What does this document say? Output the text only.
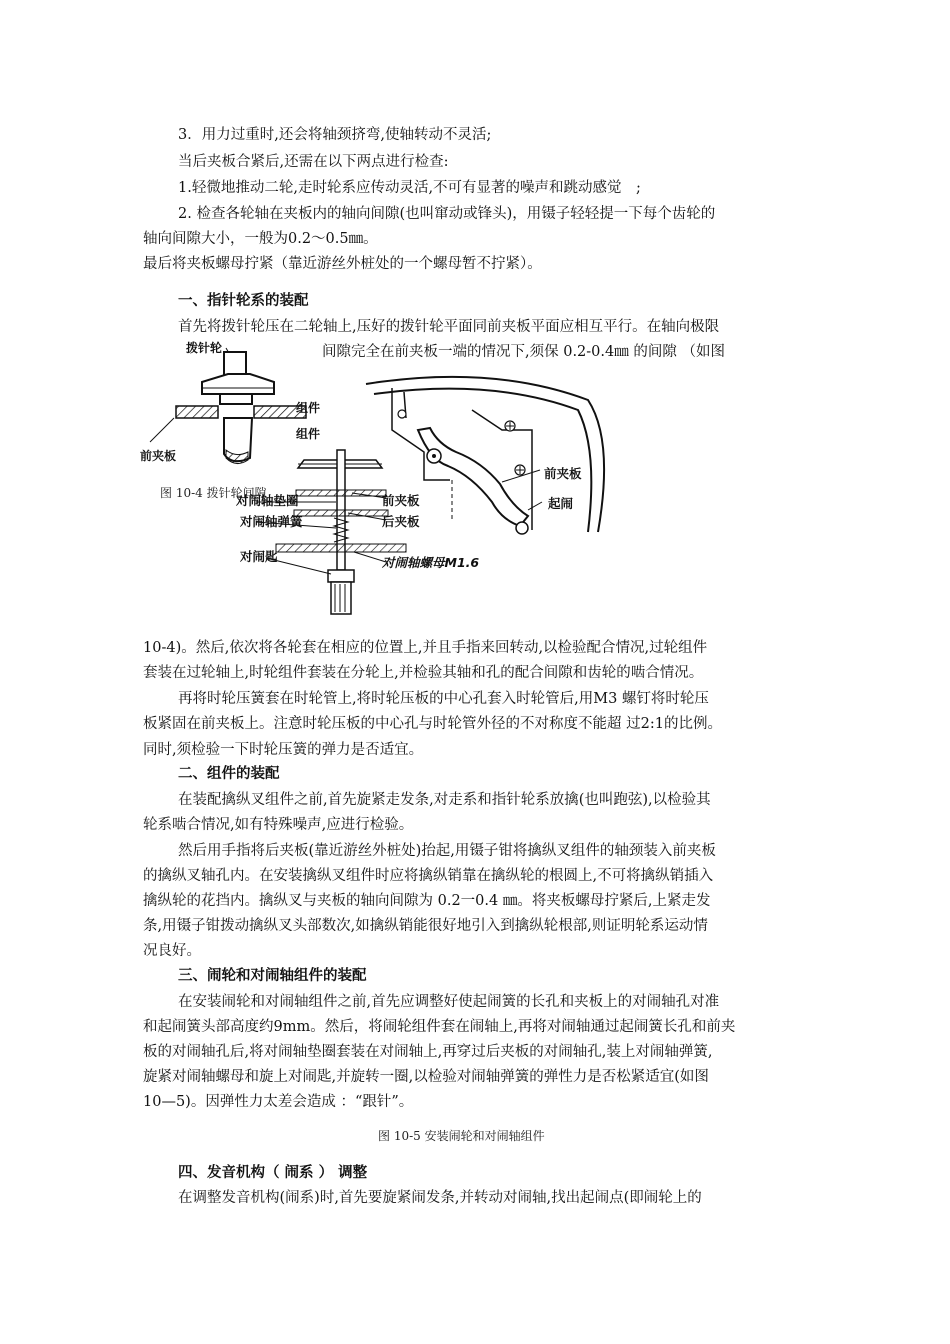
3．用力过重时,还会将轴颈挤弯,使轴转动不灵活;
当后夹板合紧后,还需在以下两点进行检查:
1.轻微地推动二轮,走时轮系应传动灵活,不可有显著的噪声和跳动感觉　;
2. 检查各轮轴在夹板内的轴向间隙(也叫窜动或锋头)，用镊子轻轻提一下每个齿轮的
轴向间隙大小，一般为0.2～0.5㎜。
最后将夹板螺母拧紧（靠近游丝外桩处的一个螺母暂不拧紧）。
一、指针轮系的装配
首先将拨针轮压在二轮轴上,压好的拨针轮平面同前夹板平面应相互平行。在轴向极限
间隙完全在前夹板一端的情况下,须保 0.2-0.4㎜ 的间隙 （如图
10-4)。然后,依次将各轮套在相应的位置上,并且手指来回转动,以检验配合情况,过轮组件
套装在过轮轴上,时轮组件套装在分轮上,并检验其轴和孔的配合间隙和齿轮的啮合情况。
再将时轮压簧套在时轮管上,将时轮压板的中心孔套入时轮管后,用M3 螺钉将时轮压
板紧固在前夹板上。注意时轮压板的中心孔与时轮管外径的不对称度不能超 过2:1的比例。
同时,须检验一下时轮压簧的弹力是否适宜。
二、组件的装配
在装配擒纵叉组件之前,首先旋紧走发条,对走系和指针轮系放擒(也叫跑弦),以检验其
轮系啮合情况,如有特殊噪声,应进行检验。
然后用手指将后夹板(靠近游丝外桩处)抬起,用镊子钳将擒纵叉组件的轴颈装入前夹板
的擒纵叉轴孔内。在安装擒纵叉组件时应将擒纵销靠在擒纵轮的根圆上,不可将擒纵销插入
擒纵轮的花挡内。擒纵叉与夹板的轴向间隙为 0.2一0.4 ㎜。将夹板螺母拧紧后,上紧走发
条,用镊子钳拨动擒纵叉头部数次,如擒纵销能很好地引入到擒纵轮根部,则证明轮系运动情
况良好。
三、闹轮和对闹轴组件的装配
在安装闹轮和对闹轴组件之前,首先应调整好使起闹簧的长孔和夹板上的对闹轴孔对准
和起闹簧头部高度约9mm。然后，将闹轮组件套在闹轴上,再将对闹轴通过起闹簧长孔和前夹
板的对闹轴孔后,将对闹轴垫圈套装在对闹轴上,再穿过后夹板的对闹轴孔,装上对闹轴弹簧,
旋紧对闹轴螺母和旋上对闹匙,并旋转一圈,以检验对闹轴弹簧的弹性力是否松紧适宜(如图
10—5)。因弹性力太差会造成 ：“跟针”。
四、发音机构（ 闹系 ） 调整
在调整发音机构(闹系)时,首先要旋紧闹发条,并转动对闹轴,找出起闹点(即闹轮上的
拨针轮
前夹板
图 10-4 拨针轮间隙
组件
组件
对闹轴垫圈	前夹板
对闹轴弹簧	后夹板
对闹匙	对闹轴螺母M1.6
前夹板
起闹
图 10-5 安装闹轮和对闹轴组件
